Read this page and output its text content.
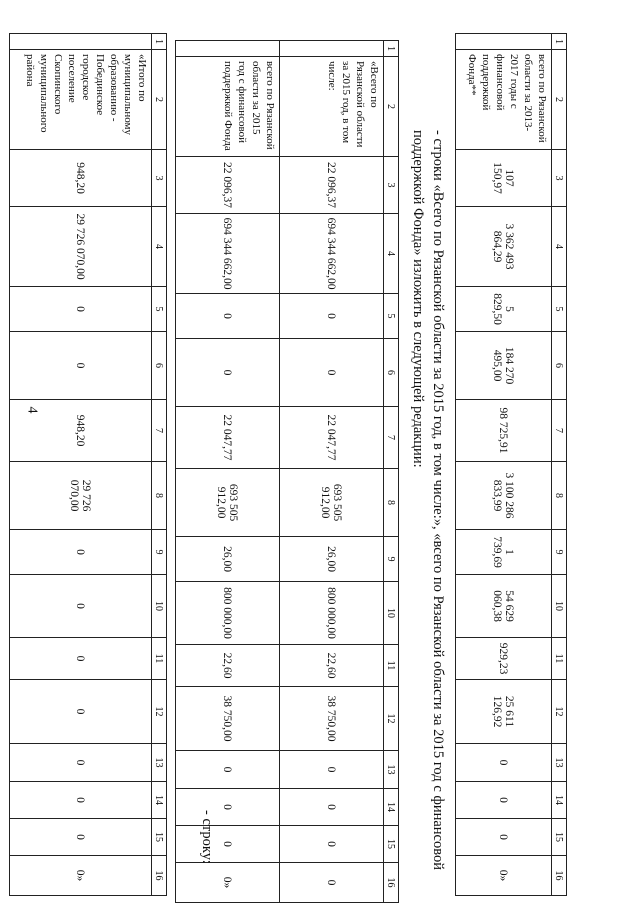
4
1	2	3	4	5	6	7	8	9	10	11	12	13	14	15	16
	всего по Рязанской области за 2013-2017 годы с финансовой поддержкой Фонда**	107 150,97	3 362 493 864,29	5 829,50	184 270 495,00	98 725,91	3 100 286 833,99	1 739,69	54 629 060,38	929,23	25 611 126,92	0	0	0	0»
- строки «Всего по Рязанской области за 2015 год, в том числе:», «всего по Рязанской области за 2015 год с финансовой поддержкой Фонда» изложить в следующей редакции:
1	2	3	4	5	6	7	8	9	10	11	12	13	14	15	16
	«Всего по Рязанской области за 2015 год, в том числе:	22 096,37	694 344 662,00	0	0	22 047,77	693 505 912,00	26,00	800 000,00	22,60	38 750,00	0	0	0	0
	всего по Рязанской области за 2015 год с финансовой поддержкой Фонда	22 096,37	694 344 662,00	0	0	22 047,77	693 505 912,00	26,00	800 000,00	22,60	38 750,00	0	0	0	0»
- строку:
1	2	3	4	5	6	7	8	9	10	11	12	13	14	15	16
	«Итого по муниципальному образованию - Побединское городское поселение Скопинского муниципального района	948,20	29 726 070,00	0	0	948,20	29 726 070,00	0	0	0	0	0	0	0	0»
